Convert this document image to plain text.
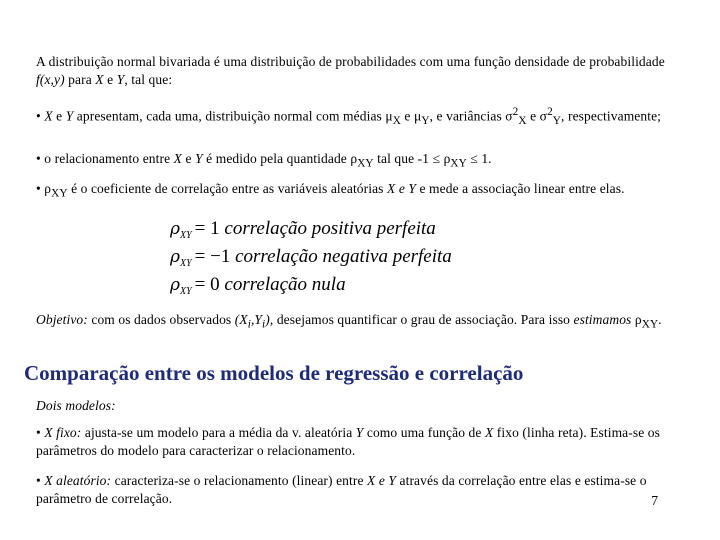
A distribuição normal bivariada é uma distribuição de probabilidades com uma função densidade de probabilidade f(x,y) para X e Y, tal que:
• X e Y apresentam, cada uma, distribuição normal com médias $\mu_X$ e $\mu_Y$, e variâncias $\sigma^2_X$ e $\sigma^2_Y$, respectivamente;
• o relacionamento entre X e Y é medido pela quantidade $\rho_{XY}$ tal que $-1 \le \rho_{XY} \le 1$.
• $\rho_{XY}$ é o coeficiente de correlação entre as variáveis aleatórias X e Y e mede a associação linear entre elas.
$\rho_{XY} = 1$ correlação positiva perfeita
$\rho_{XY} = -1$ correlação negativa perfeita
$\rho_{XY} = 0$ correlação nula
Objetivo: com os dados observados $(X_i,Y_i)$, desejamos quantificar o grau de associação. Para isso estimamos $\rho_{XY}$.
Comparação entre os modelos de regressão e correlação
Dois modelos:
• X fixo: ajusta-se um modelo para a média da v. aleatória Y como uma função de X fixo (linha reta). Estima-se os parâmetros do modelo para caracterizar o relacionamento.
• X aleatório: caracteriza-se o relacionamento (linear) entre X e Y através da correlação entre elas e estima-se o parâmetro de correlação.	7
